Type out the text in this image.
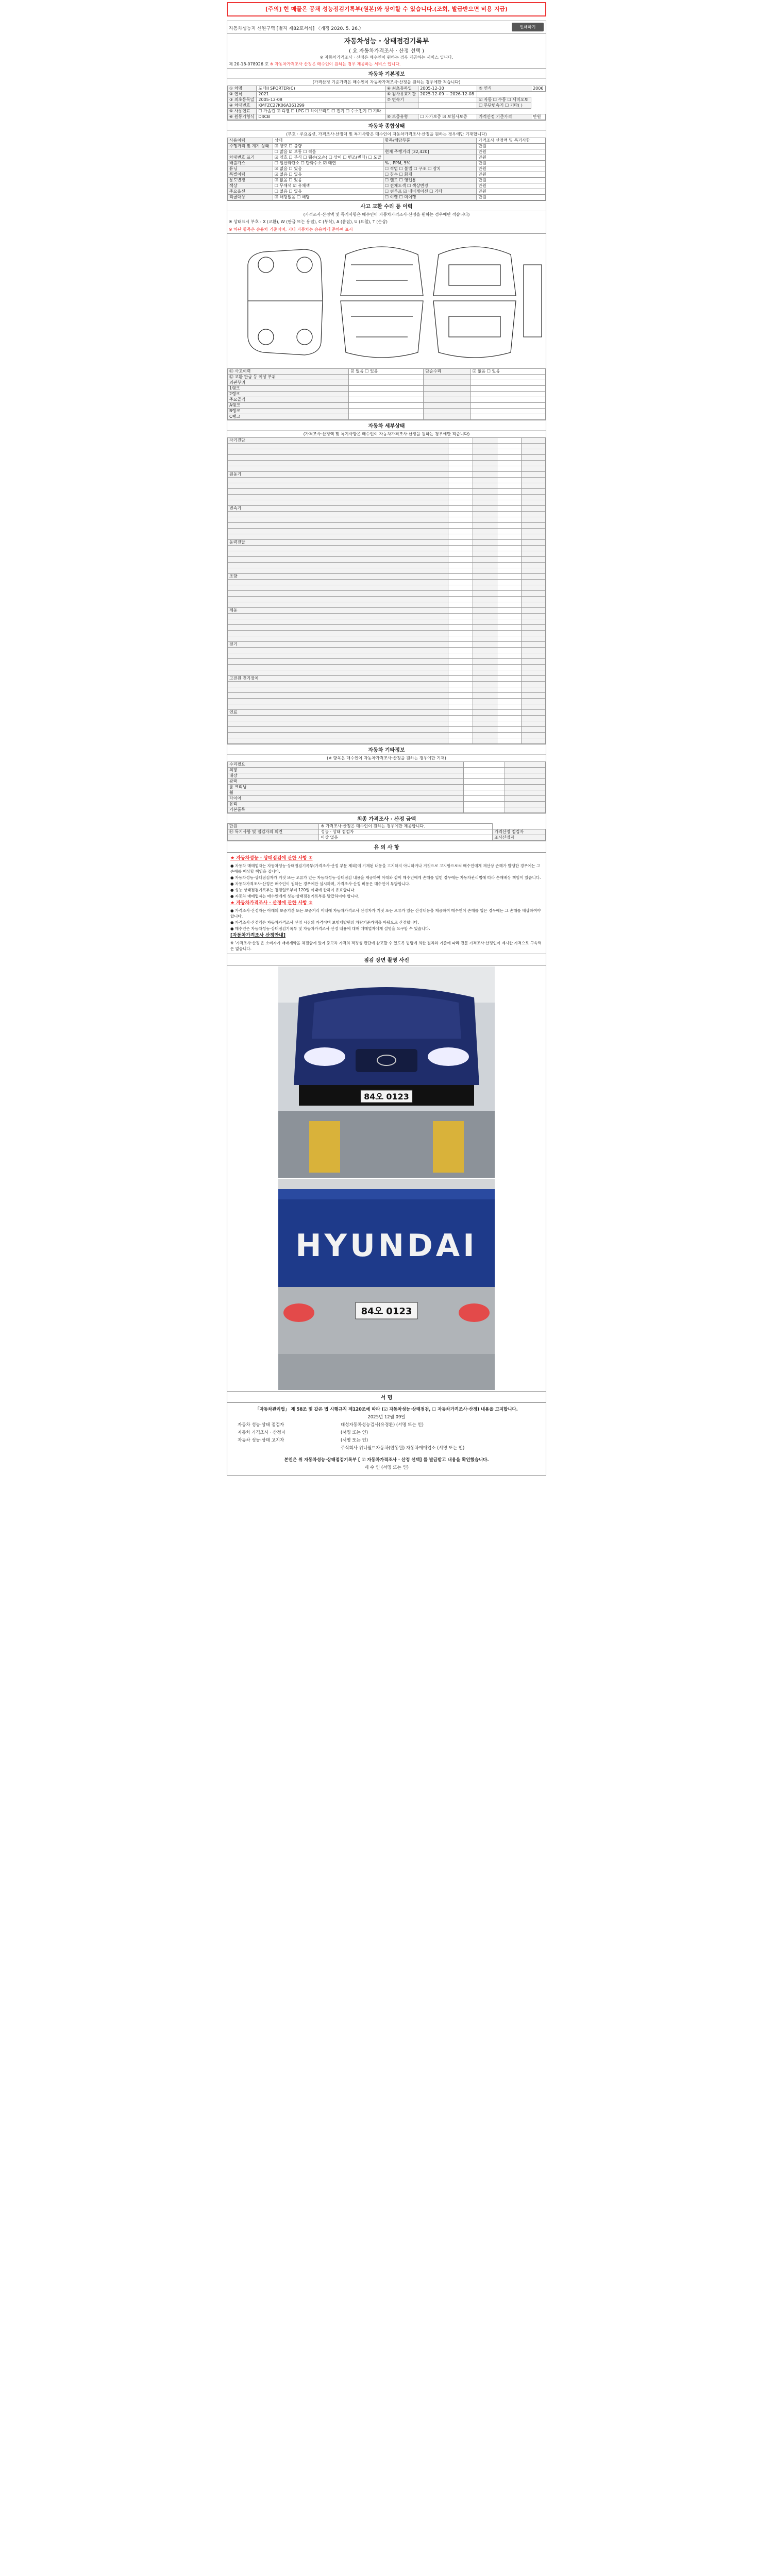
[주의] 현 매물은 공채 성능점검기록부(원본)와 상이할 수 있습니다.(조회, 발급받으면 비용 지급)
자동차성능지 신원구역 [별지 제82호서식] 〈개정 2020. 5. 26.〉	인쇄하기
자동차성능 · 상태점검기록부
( 요 자동차가격조사 · 산정 선택 )
※ 자동차가격조사 · 산정은 매수인이 원하는 경우 제공하는 서비스 입니다.
제 20-18-078926 호 ※ 자동차가격조사 산정은 매수인이 원하는 경우 제공하는 서비스 입니다.
자동차 기본정보
(가격산정 기준가격은 매수인이 자동차가격조사·산정을 원하는 경우에만 적습니다)
① 차명	포터II SPORTER(C)	④ 최초등록일	2005-12-30	⑤ 연식	2006
② 연식	2021	⑤ 검사유효기간	2025-12-09 ~ 2026-12-08		
③ 최초등록일	2005-12-08	⑦ 변속기		☑ 자동 ☐ 수동 ☐ 세미오토	
④ 차대번호	KMFZC27K06A361299			☐ 무단변속기 ☐ 기타( )	
⑤ 사용연료	☐ 가솔린 ☑ 디젤 ☐ LPG ☐ 하이브리드 ☐ 전기 ☐ 수소전기 ☐ 기타				
⑥ 원동기형식	D4CB	⑩ 보증유형	☐ 자가보증 ☑ 보험사보증	가격산정 기준가격	만원
자동차 종합상태
(부호 · 주요옵션, 가격조사·산정액 및 특기사항은 매수인이 자동차가격조사·산정을 원하는 경우에만 기재합니다)
사용이력	상태	항목/해당부품	가격조사·산정액 및 특기사항
주행거리 및 계기 상태	☑ 양호 ☐ 불량		만원
	☐ 많음 ☑ 보통 ☐ 적음	현재 주행거리 [32,420]	만원
차대번호 표기	☑ 양호 ☐ 부식 ☐ 훼손(오손) ☐ 상이 ☐ 변조(변타) ☐ 도말		만원
배출가스	☐ 일산화탄소 ☐ 탄화수소 ☑ 매연	% , PPM, 5%	만원
튜닝	☑ 없음 ☐ 있음	☐ 적법 ☐ 불법 ☐ 구조 ☐ 장치	만원
특별이력	☑ 없음 ☐ 있음	☐ 침수 ☐ 화재	만원
용도변경	☑ 없음 ☐ 있음	☐ 렌트 ☐ 영업용	만원
색상	☐ 무채색 ☑ 유채색	☐ 전체도색 ☐ 색상변경	만원
주요옵션	☐ 없음 ☐ 있음	☐ 썬루프 ☑ 네비게이션 ☐ 기타	만원
리콜대상	☑ 해당없음 ☐ 해당	☐ 이행 ☐ 미이행	만원
사고 교환 수리 등 이력
(가격조사·산정액 및 특기사항은 매수인이 자동차가격조사·산정을 원하는 경우에만 적습니다)
※ 상태표시 부호 : X (교환), W (판금 또는 용접), C (부식), A (흠집), U (요철), T (손상)
※ 하단 항목은 승용차 기준이며, 기타 자동차는 승용차에 준하여 표시
⑪ 사고이력	☑ 없음 ☐ 있음	단순수리	☑ 없음 ☐ 있음
⑫ 교환 판금 등 이상 부위			
외판부위			
1랭크			
2랭크			
주요골격			
A랭크			
B랭크			
C랭크			
자동차 세부상태
(가격조사·산정액 및 특기사항은 매수인이 자동차가격조사·산정을 원하는 경우에만 적습니다)
자기진단				

원동기				

변속기				

동력전달				

조향				

제동				

전기				

고전원 전기장치				

연료				

자동차 기타정보
(※ 항목은 매수인이 자동차가격조사·산정을 원하는 경우에만 기재)
수리필요		
외장		
내장		
광택		
룸 크리닝		
휠		
타이어		
유리		
기본품목		
최종 가격조사 · 산정 금액
만원	※ 가격조사·산정은 매수인이 원하는 경우에만 제공합니다.	
⑭ 특기사항 및 점검자의 의견	성능 · 상태 점검자	가격산정 점검자
	이상 없음	조사산정자
유 의 사 항
★ 자동차성능 · 상태점검에 관한 사항 ①

● 자동차 매매업자는 자동차성능·상태점검기록부(가격조사·산정 부분 제외)에 기재된 내용을 고지하지 아니하거나 거짓으로 고지함으로써 매수인에게 재산상 손해가 발생한 경우에는 그 손해를 배상할 책임을 집니다.

● 자동차성능·상태점검자가 거짓 또는 오류가 있는 자동차성능·상태점검 내용을 제공하여 아래와 같이 매수인에게 손해를 입힌 경우에는 자동차관리법에 따라 손해배상 책임이 있습니다.

● 자동차가격조사·산정은 매수인이 원하는 경우에만 실시하며, 가격조사·산정 비용은 매수인이 부담합니다.

● 성능·상태점검기록부는 점검일로부터 120일 이내에 한하여 유효합니다.

● 자동차 매매업자는 매수인에게 성능·상태점검기록부를 발급하여야 합니다.

★ 자동차가격조사 · 산정에 관한 사항 ②

● 가격조사·산정자는 아래의 보증기간 또는 보증거리 이내에 자동차가격조사·산정자가 거짓 또는 오류가 있는 산정내용을 제공하여 매수인이 손해를 입은 경우에는 그 손해를 배상하여야 합니다.

● 가격조사·산정액은 자동차가격조사·산정 시점의 가격이며 보험개발원의 차량기준가액을 바탕으로 산정합니다.

● 매수인은 자동차성능·상태점검기록부 및 자동차가격조사·산정 내용에 대해 매매업자에게 설명을 요구할 수 있습니다.

[자동차가격조사 산정안내]

※ '가격조사·산정'은 소비자가 매매계약을 체결함에 있어 중고차 가격의 적정성 판단에 참고할 수 있도록 법령에 의한 절차와 기준에 따라 전문 가격조사·산정인이 제시한 가격으로 구속력은 없습니다.

점검 장면 촬영 사진
84오 0123
HYUNDAI
84오 0123
서 명

「자동차관리법」 제 58조 및 같은 법 시행규칙 제120조에 따라 (☑ 자동차성능·상태점검, ☐ 자동차가격조사·산정) 내용을 고지합니다.

2025년 12월 09일

자동차 성능·상태 점검자	대성자동차성능검사(유경환) (서명 또는 인)

자동차 가격조사 · 산정자	(서명 또는 인)

자동차 성능·상태 고지자	(서명 또는 인)

주식회사 위니월드자동차(안동원) 자동차매매업소 (서명 또는 인)

본인은 위 자동차성능·상태점검기록부 [ ☑ 자동차가격조사 · 산정 선택] 를 발급받고 내용을 확인했습니다.

매 수 인 (서명 또는 인)
